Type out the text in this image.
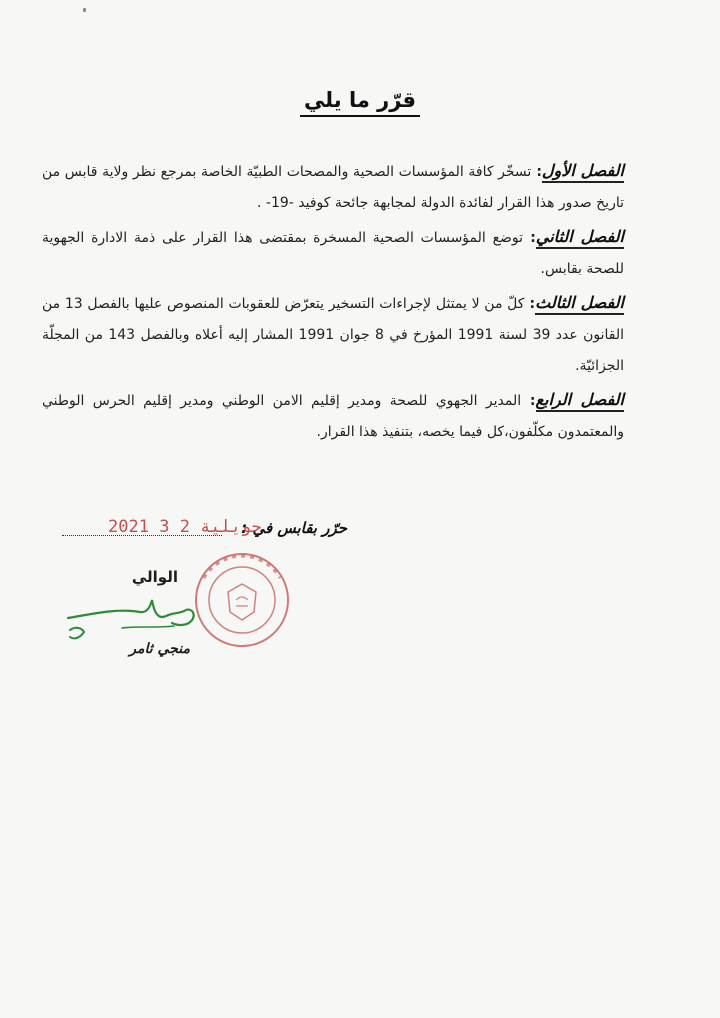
قرّر ما يلي

الفصل الأول: تسخّر كافة المؤسسات الصحية والمصحات الطبيّة الخاصة بمرجع نظر ولاية قابس من تاريخ صدور هذا القرار لفائدة الدولة لمجابهة جائحة كوفيد -19- .

الفصل الثاني: توضع المؤسسات الصحية المسخرة بمقتضى هذا القرار على ذمة الادارة الجهوية للصحة بقابس.

الفصل الثالث: كلّ من لا يمتثل لإجراءات التسخير يتعرّض للعقوبات المنصوص عليها بالفصل 13 من القانون عدد 39 لسنة 1991 المؤرخ في 8 جوان 1991 المشار إليه أعلاه وبالفصل 143 من المجلّة الجزائيّة.

الفصل الرابع: المدير الجهوي للصحة ومدير إقليم الامن الوطني ومدير إقليم الحرس الوطني والمعتمدون مكلّفون،كل فيما يخصه، بتنفيذ هذا القرار.

حرّر بقابس في :
2021 جويلية 2 3
الوالي
منجي ثامر
